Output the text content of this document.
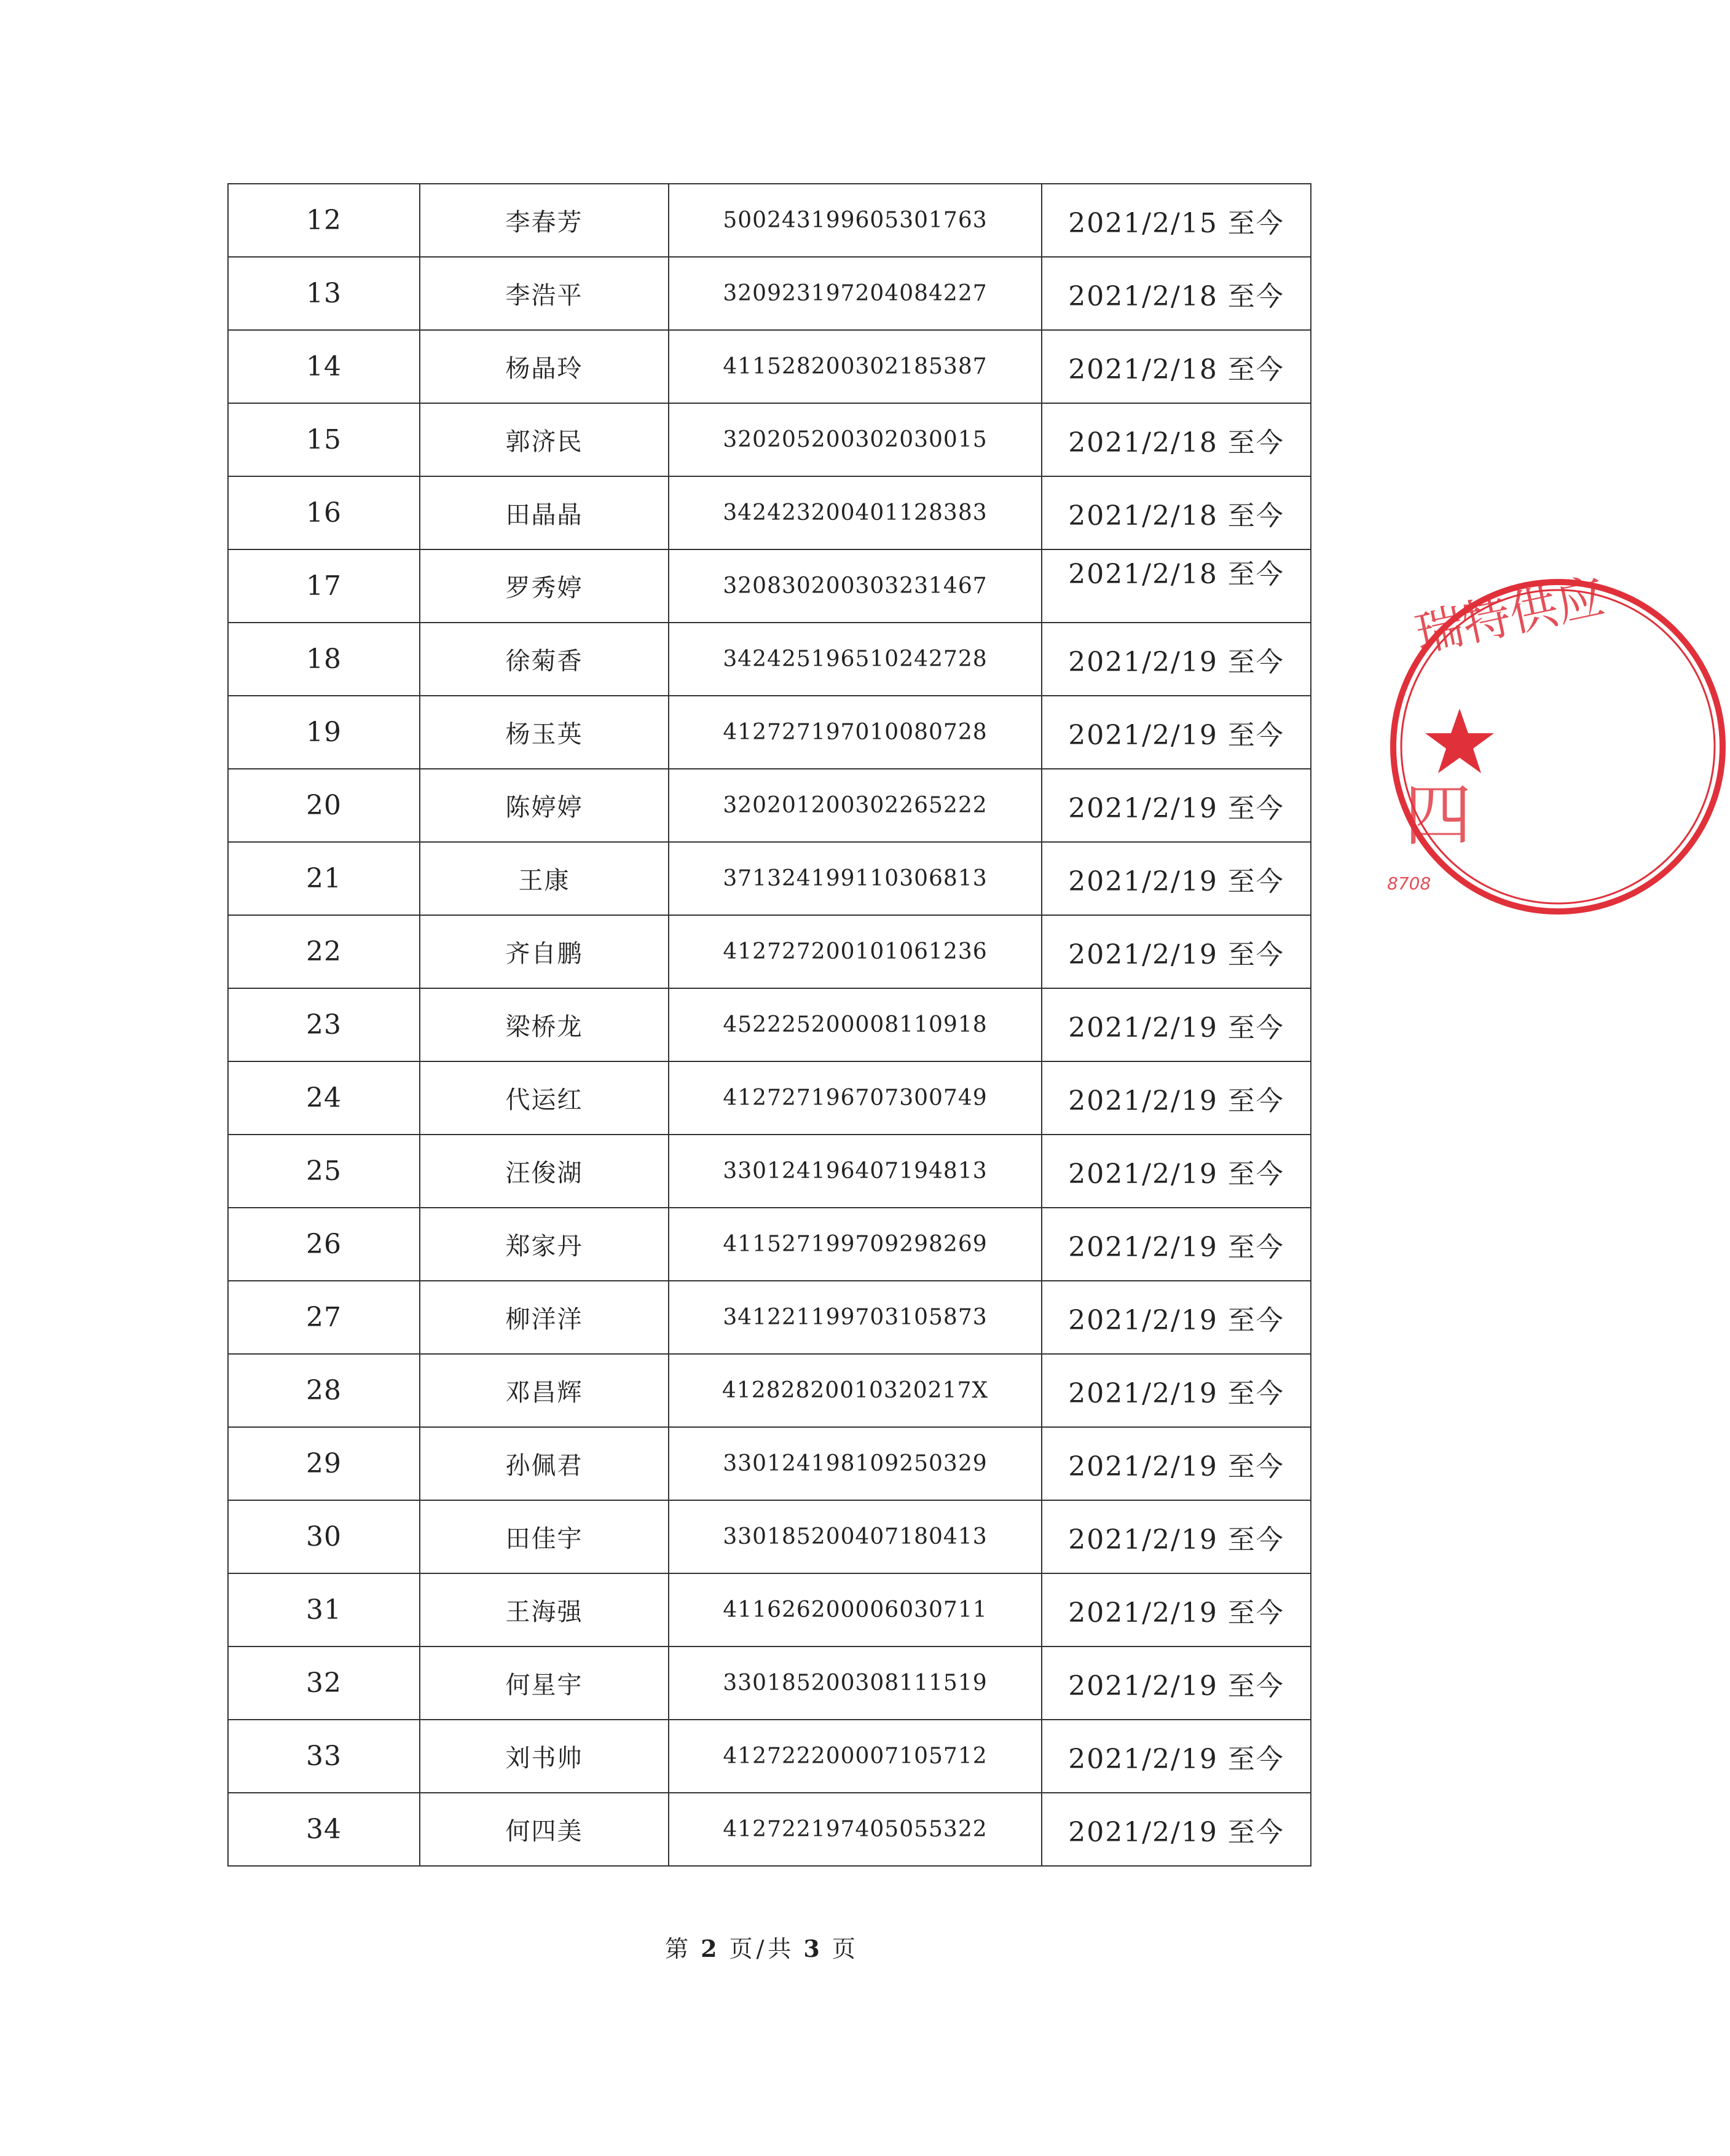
12	李春芳	500243199605301763	2021/2/15 至今
13	李浩平	320923197204084227	2021/2/18 至今
14	杨晶玲	411528200302185387	2021/2/18 至今
15	郭济民	320205200302030015	2021/2/18 至今
16	田晶晶	342423200401128383	2021/2/18 至今
17	罗秀婷	320830200303231467	2021/2/18 至今
18	徐菊香	342425196510242728	2021/2/19 至今
19	杨玉英	412727197010080728	2021/2/19 至今
20	陈婷婷	320201200302265222	2021/2/19 至今
21	王康	371324199110306813	2021/2/19 至今
22	齐自鹏	412727200101061236	2021/2/19 至今
23	梁桥龙	452225200008110918	2021/2/19 至今
24	代运红	412727196707300749	2021/2/19 至今
25	汪俊湖	330124196407194813	2021/2/19 至今
26	郑家丹	411527199709298269	2021/2/19 至今
27	柳洋洋	341221199703105873	2021/2/19 至今
28	邓昌辉	41282820010320217X	2021/2/19 至今
29	孙佩君	330124198109250329	2021/2/19 至今
30	田佳宇	330185200407180413	2021/2/19 至今
31	王海强	411626200006030711	2021/2/19 至今
32	何星宇	330185200308111519	2021/2/19 至今
33	刘书帅	412722200007105712	2021/2/19 至今
34	何四美	412722197405055322	2021/2/19 至今
第 2 页/共 3 页
瑞特供应
四
8708
